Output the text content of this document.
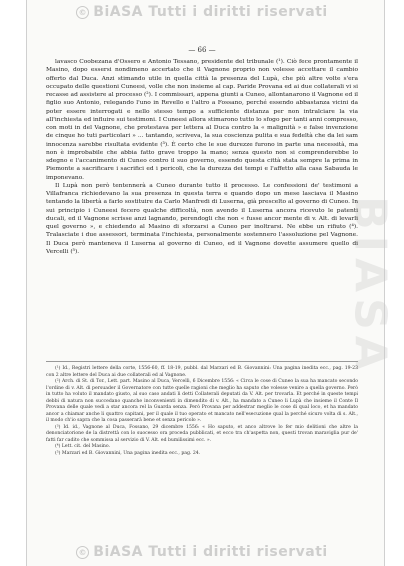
© BiASA Tutti i diritti riservati
BIASA
— 66 —

lavasco Coobezana d'Ossero e Antonio Tessano, presidente del tribunale (¹). Ciò fece prontamente il Masino, dopo essersi nondimeno accertato che il Vagnone proprio non volesse accettare il cambio offerto dal Duca. Anzi stimando utile in quella città la presenza del Lupà, che più altre volte s'era occupato delle questioni Cuneesi, volle che non insieme al cap. Paride Provana ed ai due collaterali vi si recasse ad assistere al processo (²). I commissari, appena giunti a Cuneo, allontanarono il Vagnone ed il figlio suo Antonio, relegando l'uno in Revello e l'altro a Fossano, perché essendo abbastanza vicini da poter essere interrogati e nello stesso tempo a sufficiente distanza per non intralciare la via all'inchiesta ed influire sui testimoni. I Cuneesi allora stimarono tutto lo sfogo per tanti anni compresso, con moti in del Vagnone, che protestava per lettera al Duca contro la « malignità » e false invenzione de cinque ho tuti particolari » ... tantando, scriveva, la sua coscienza pulita e sua fedeltà che da lei sam innocenza sarebbe risultata evidente (³). È certo che le sue durezze furono in parte una necessità, ma non è improbabile che abbia fatto grave troppo la mano; senza questo non si comprenderebbe lo sdegno e l'accanimento di Cuneo contro il suo governo, essendo questa città stata sempre la prima in Piemonte a sacrificare i sacrifici ed i pericoli, che la durezza dei tempi e l'affetto alla casa Sabauda le imponevano.

Il Lupà non però tentennerà a Cuneo durante tutto il processo. Le confessioni de' testimoni a Villafranca richiedevano la sua presenza in questa terra e quando dopo un mese lasciava il Masino tentando la libertà a farlo sostituire da Carlo Manfredi di Luserna, già prescelto al governo di Cuneo. In sui principio i Cuneesi fecero qualche difficoltà, non avendo il Luserna ancora ricevuto le patenti ducali, ed il Vagnone scrisse anzi lagnando, perendogli che non « fusse ancor mente di v. Alt. di levarli quel governo », e chiedendo al Masino di sforzarsi a Cuneo per inoltrarsi. Ne ebbe un rifiuto (⁴). Tralasciate i due assessori, terminata l'inchiesta, personalmente sostennero l'assoluzione pel Vagnone. Il Duca però manteneva il Luserna al governo di Cuneo, ed il Vagnone dovette assumere quello di Vercelli (⁵).

(¹) Id., Registri lettere della corte, 1556-60, ff. 18-19, pubbl. dal Marzari ed B. Giovannini: Una pagina inedita ecc., pag. 19-23 con 2 altre lettere del Duca ai due collaterali ed al Vagnone.

(²) Arch. di St. di Tor., Lett. part. Masino al Duca, Vercelli, 6 Dicembre 1556: « Circa le cose di Cuneo la sua ha mancato secondo l'ordine di v. Alt. di persuader il Governatore con tutte quelle ragioni che meglio ha saputo che volesse venire a quella governo. Però in tutto ha voluto il mandato giusto, al suo caso andati li detti Collaterali deputati da V. Alt. per trovarla. Et perché in queste tempi debbi di natura non succedano quanche inconvenienti in dimendito di v. Alt., ha mandato a Cuneo li Lupà che insieme il Conte Il Provana delle quale vedi a star ancora rel la Guarda senza. Però Provana per addestrar meglio le cose di qual loco, et ha mandato ancor a chiamar anche li quattro capitani, per il quale il tuo operato et mancato nell'esecuzione qual la perché sicuro volta di s. Alt., il modo ch'io sapra che la cosa passerarà bene et senza pericolo ».

(³) Id. id., Vagnone al Duca, Fossano, 29 dicembre 1556: « Ho saputo, et anco altrove lo fer mio delitioni che altre la denonciatorione de la distrettà con lo suocesso ora proceda pubblicati, et ecco tra ch'aspetta non, questi trovan maraviglia pur de' fatti far cadito che sommissa al servizio di V. Alt. ed bumilissimi ecc. ».

(⁴) Lett. cit. del Masino.

(⁵) Marzari ed B. Giovannini, Una pagina inedita ecc., pag. 24.

© BiASA Tutti i diritti riservati
